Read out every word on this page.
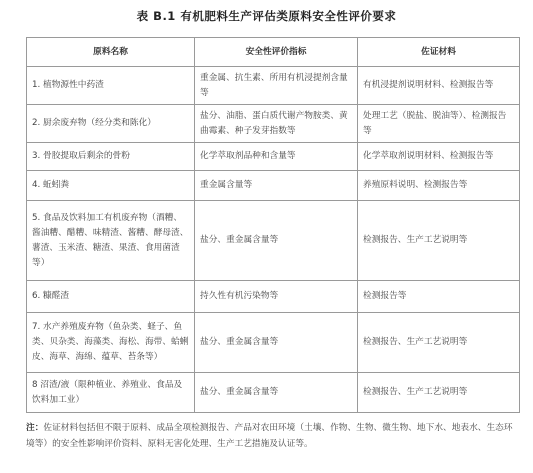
表 B.1 有机肥料生产评估类原料安全性评价要求
原料名称	安全性评价指标	佐证材料
1. 植物源性中药渣	重金属、抗生素、所用有机浸提剂含量等	有机浸提剂说明材料、检测报告等
2. 厨余废弃物（经分类和陈化）	盐分、油脂、蛋白质代谢产物胺类、黄曲霉素、种子发芽指数等	处理工艺（脱盐、脱油等）、检测报告等
3. 骨胶提取后剩余的骨粉	化学萃取剂品种和含量等	化学萃取剂说明材料、检测报告等
4. 蚯蚓粪	重金属含量等	养殖原料说明、检测报告等
5. 食品及饮料加工有机废弃物（酒糟、酱油糟、醋糟、味精渣、酱糟、酵母渣、薯渣、玉米渣、糖渣、果渣、食用菌渣等）	盐分、重金属含量等	检测报告、生产工艺说明等
6. 糠醛渣	持久性有机污染物等	检测报告等
7. 水产养殖废弃物（鱼杂类、蛏子、鱼类、贝杂类、海藻类、海松、海带、蛤蜊皮、海草、海绵、蕴草、苔条等）	盐分、重金属含量等	检测报告、生产工艺说明等
8 沼渣/液（限种植业、养殖业、食品及饮料加工业）	盐分、重金属含量等	检测报告、生产工艺说明等
注：佐证材料包括但不限于原料、成品全项检测报告、产品对农田环境（土壤、作物、生物、微生物、地下水、地表水、生态环境等）的安全性影响评价资料、原料无害化处理、生产工艺措施及认证等。
